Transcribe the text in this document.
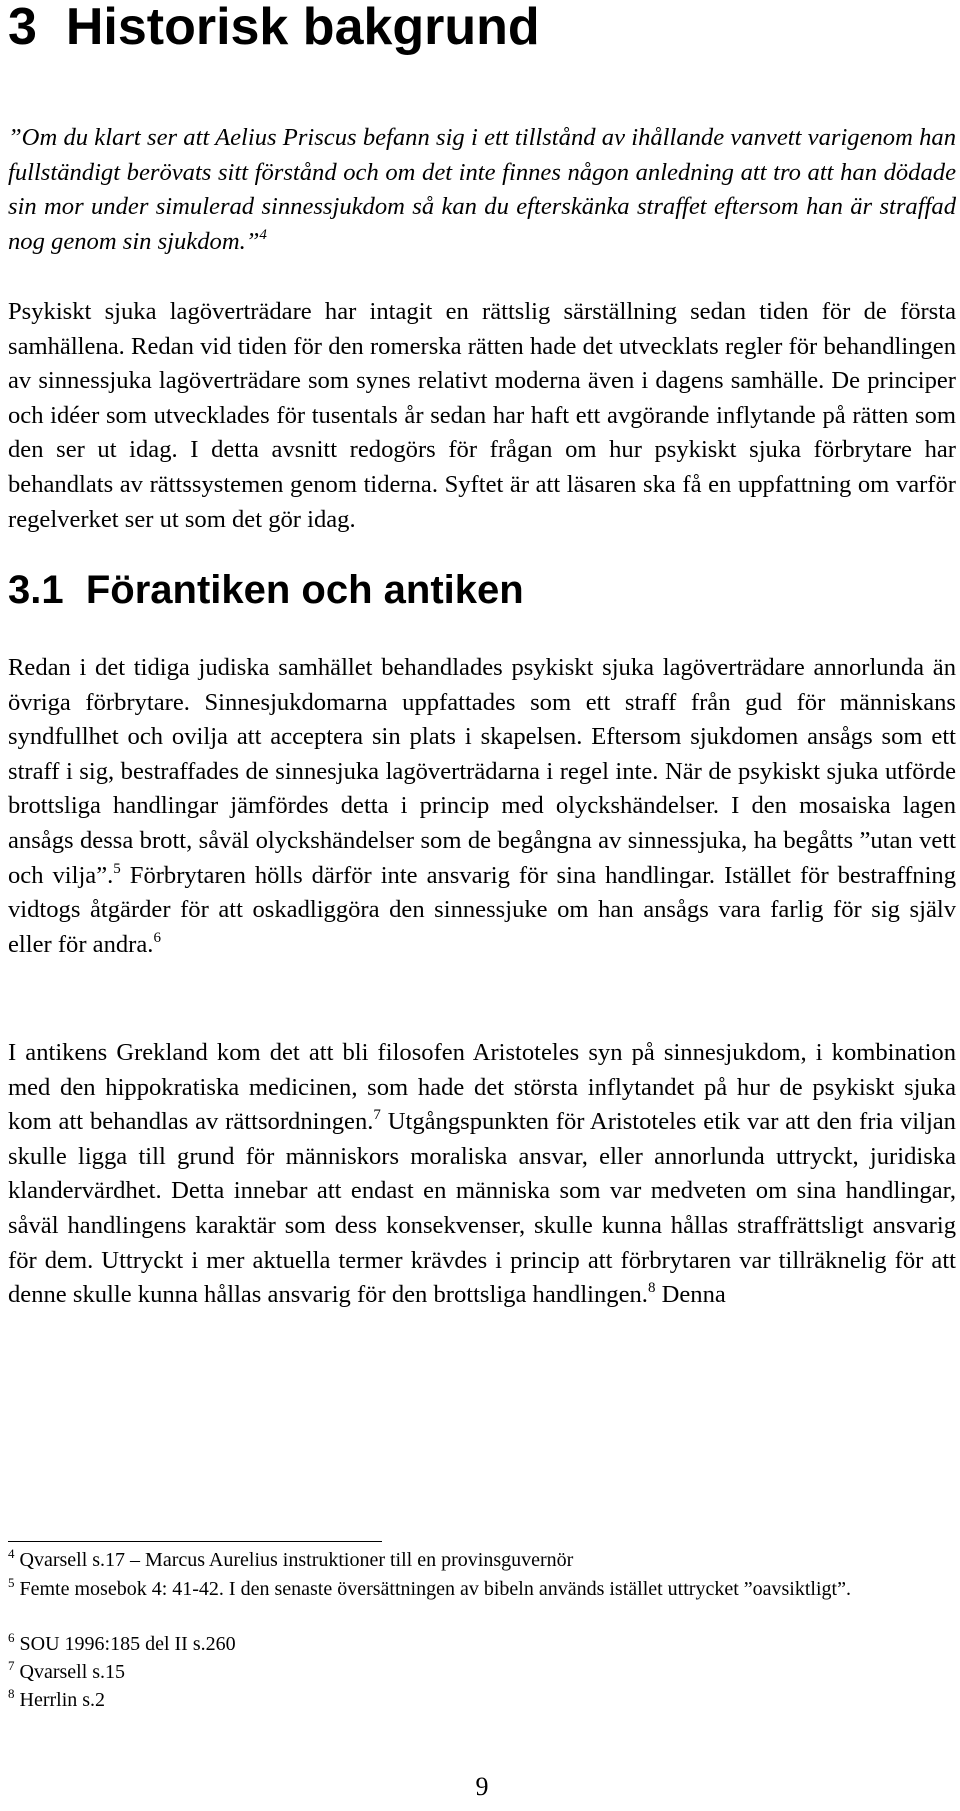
3 Historisk bakgrund

”Om du klart ser att Aelius Priscus befann sig i ett tillstånd av ihållande vanvett varigenom han fullständigt berövats sitt förstånd och om det inte finnes någon anledning att tro att han dödade sin mor under simulerad sinnessjukdom så kan du efterskänka straffet eftersom han är straffad nog genom sin sjukdom.”$^4$

Psykiskt sjuka lagöverträdare har intagit en rättslig särställning sedan tiden för de första samhällena. Redan vid tiden för den romerska rätten hade det utvecklats regler för behandlingen av sinnessjuka lagöverträdare som synes relativt moderna även i dagens samhälle. De principer och idéer som utvecklades för tusentals år sedan har haft ett avgörande inflytande på rätten som den ser ut idag. I detta avsnitt redogörs för frågan om hur psykiskt sjuka förbrytare har behandlats av rättssystemen genom tiderna. Syftet är att läsaren ska få en uppfattning om varför regelverket ser ut som det gör idag.

3.1 Förantiken och antiken

Redan i det tidiga judiska samhället behandlades psykiskt sjuka lagöverträdare annorlunda än övriga förbrytare. Sinnesjukdomarna uppfattades som ett straff från gud för människans syndfullhet och ovilja att acceptera sin plats i skapelsen. Eftersom sjukdomen ansågs som ett straff i sig, bestraffades de sinnesjuka lagöverträdarna i regel inte. När de psykiskt sjuka utförde brottsliga handlingar jämfördes detta i princip med olyckshändelser. I den mosaiska lagen ansågs dessa brott, såväl olyckshändelser som de begångna av sinnessjuka, ha begåtts ”utan vett och vilja”.$^5$ Förbrytaren hölls därför inte ansvarig för sina handlingar. Istället för bestraffning vidtogs åtgärder för att oskadliggöra den sinnessjuke om han ansågs vara farlig för sig själv eller för andra.$^6$

I antikens Grekland kom det att bli filosofen Aristoteles syn på sinnesjukdom, i kombination med den hippokratiska medicinen, som hade det största inflytandet på hur de psykiskt sjuka kom att behandlas av rättsordningen.$^7$ Utgångspunkten för Aristoteles etik var att den fria viljan skulle ligga till grund för människors moraliska ansvar, eller annorlunda uttryckt, juridiska klandervärdhet. Detta innebar att endast en människa som var medveten om sina handlingar, såväl handlingens karaktär som dess konsekvenser, skulle kunna hållas straffrättsligt ansvarig för dem. Uttryckt i mer aktuella termer krävdes i princip att förbrytaren var tillräknelig för att denne skulle kunna hållas ansvarig för den brottsliga handlingen.$^8$ Denna

$^4$ Qvarsell s.17 – Marcus Aurelius instruktioner till en provinsguvernör

$^5$ Femte mosebok 4: 41-42. I den senaste översättningen av bibeln används istället uttrycket ”oavsiktligt”.

$^6$ SOU 1996:185 del II s.260

$^7$ Qvarsell s.15

$^8$ Herrlin s.2

9
